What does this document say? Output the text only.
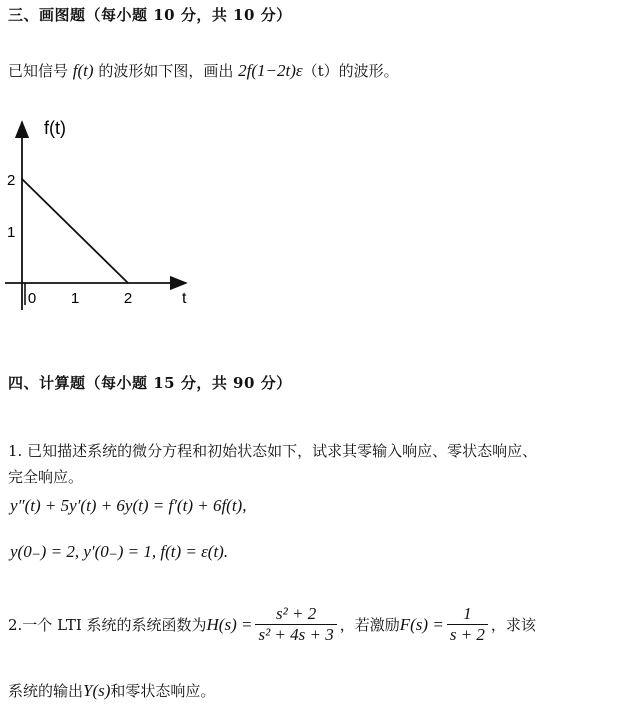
三、画图题（每小题 10 分，共 10 分）
已知信号 f(t) 的波形如下图，画出 2f(1−2t)ε（t）的波形。
f(t)
t
0 1	2
2
1
四、计算题（每小题 15 分，共 90 分）
1. 已知描述系统的微分方程和初始状态如下，试求其零输入响应、零状态响应、
完全响应。
y″(t) + 5y′(t) + 6y(t) = f′(t) + 6f(t),
y(0₋) = 2, y′(0₋) = 1, f(t) = ε(t).
2.一个 LTI 系统的系统函数为 $H(s) = \frac{\text{s² + 2}}{\text{s² + 4s + 3}}$ ，若激励 $F(s) = \frac{1}{s + 2}$ ，求该
系统的输出Y(s)和零状态响应。
